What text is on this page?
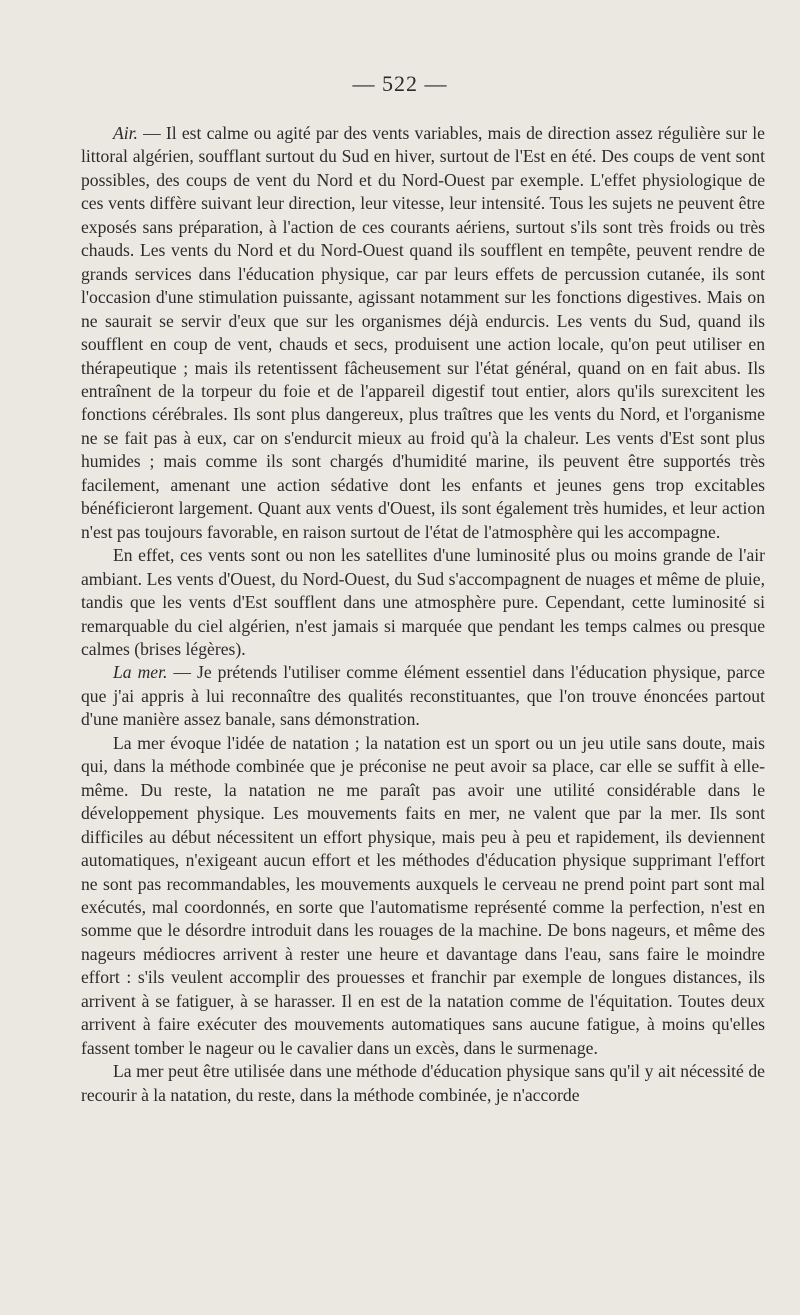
— 522 —

Air. — Il est calme ou agité par des vents variables, mais de direction assez régulière sur le littoral algérien, soufflant surtout du Sud en hiver, surtout de l'Est en été. Des coups de vent sont possibles, des coups de vent du Nord et du Nord-Ouest par exemple. L'effet physiologique de ces vents diffère suivant leur direction, leur vitesse, leur intensité. Tous les sujets ne peuvent être exposés sans préparation, à l'action de ces courants aériens, surtout s'ils sont très froids ou très chauds. Les vents du Nord et du Nord-Ouest quand ils soufflent en tempête, peuvent rendre de grands services dans l'éducation physique, car par leurs effets de percussion cutanée, ils sont l'occasion d'une stimulation puissante, agissant notamment sur les fonctions digestives. Mais on ne saurait se servir d'eux que sur les organismes déjà endurcis. Les vents du Sud, quand ils soufflent en coup de vent, chauds et secs, produisent une action locale, qu'on peut utiliser en thérapeutique ; mais ils retentissent fâcheusement sur l'état général, quand on en fait abus. Ils entraînent de la torpeur du foie et de l'appareil digestif tout entier, alors qu'ils surexcitent les fonctions cérébrales. Ils sont plus dangereux, plus traîtres que les vents du Nord, et l'organisme ne se fait pas à eux, car on s'endurcit mieux au froid qu'à la chaleur. Les vents d'Est sont plus humides ; mais comme ils sont chargés d'humidité marine, ils peuvent être supportés très facilement, amenant une action sédative dont les enfants et jeunes gens trop excitables bénéficieront largement. Quant aux vents d'Ouest, ils sont également très humides, et leur action n'est pas toujours favorable, en raison surtout de l'état de l'atmosphère qui les accompagne.

En effet, ces vents sont ou non les satellites d'une luminosité plus ou moins grande de l'air ambiant. Les vents d'Ouest, du Nord-Ouest, du Sud s'accompagnent de nuages et même de pluie, tandis que les vents d'Est soufflent dans une atmosphère pure. Cependant, cette luminosité si remarquable du ciel algérien, n'est jamais si marquée que pendant les temps calmes ou presque calmes (brises légères).

La mer. — Je prétends l'utiliser comme élément essentiel dans l'éducation physique, parce que j'ai appris à lui reconnaître des qualités reconstituantes, que l'on trouve énoncées partout d'une manière assez banale, sans démonstration.

La mer évoque l'idée de natation ; la natation est un sport ou un jeu utile sans doute, mais qui, dans la méthode combinée que je préconise ne peut avoir sa place, car elle se suffit à elle-même. Du reste, la natation ne me paraît pas avoir une utilité considérable dans le développement physique. Les mouvements faits en mer, ne valent que par la mer. Ils sont difficiles au début nécessitent un effort physique, mais peu à peu et rapidement, ils deviennent automatiques, n'exigeant aucun effort et les méthodes d'éducation physique supprimant l'effort ne sont pas recommandables, les mouvements auxquels le cerveau ne prend point part sont mal exécutés, mal coordonnés, en sorte que l'automatisme représenté comme la perfection, n'est en somme que le désordre introduit dans les rouages de la machine. De bons nageurs, et même des nageurs médiocres arrivent à rester une heure et davantage dans l'eau, sans faire le moindre effort : s'ils veulent accomplir des prouesses et franchir par exemple de longues distances, ils arrivent à se fatiguer, à se harasser. Il en est de la natation comme de l'équitation. Toutes deux arrivent à faire exécuter des mouvements automatiques sans aucune fatigue, à moins qu'elles fassent tomber le nageur ou le cavalier dans un excès, dans le surmenage.

La mer peut être utilisée dans une méthode d'éducation physique sans qu'il y ait nécessité de recourir à la natation, du reste, dans la méthode combinée, je n'accorde
